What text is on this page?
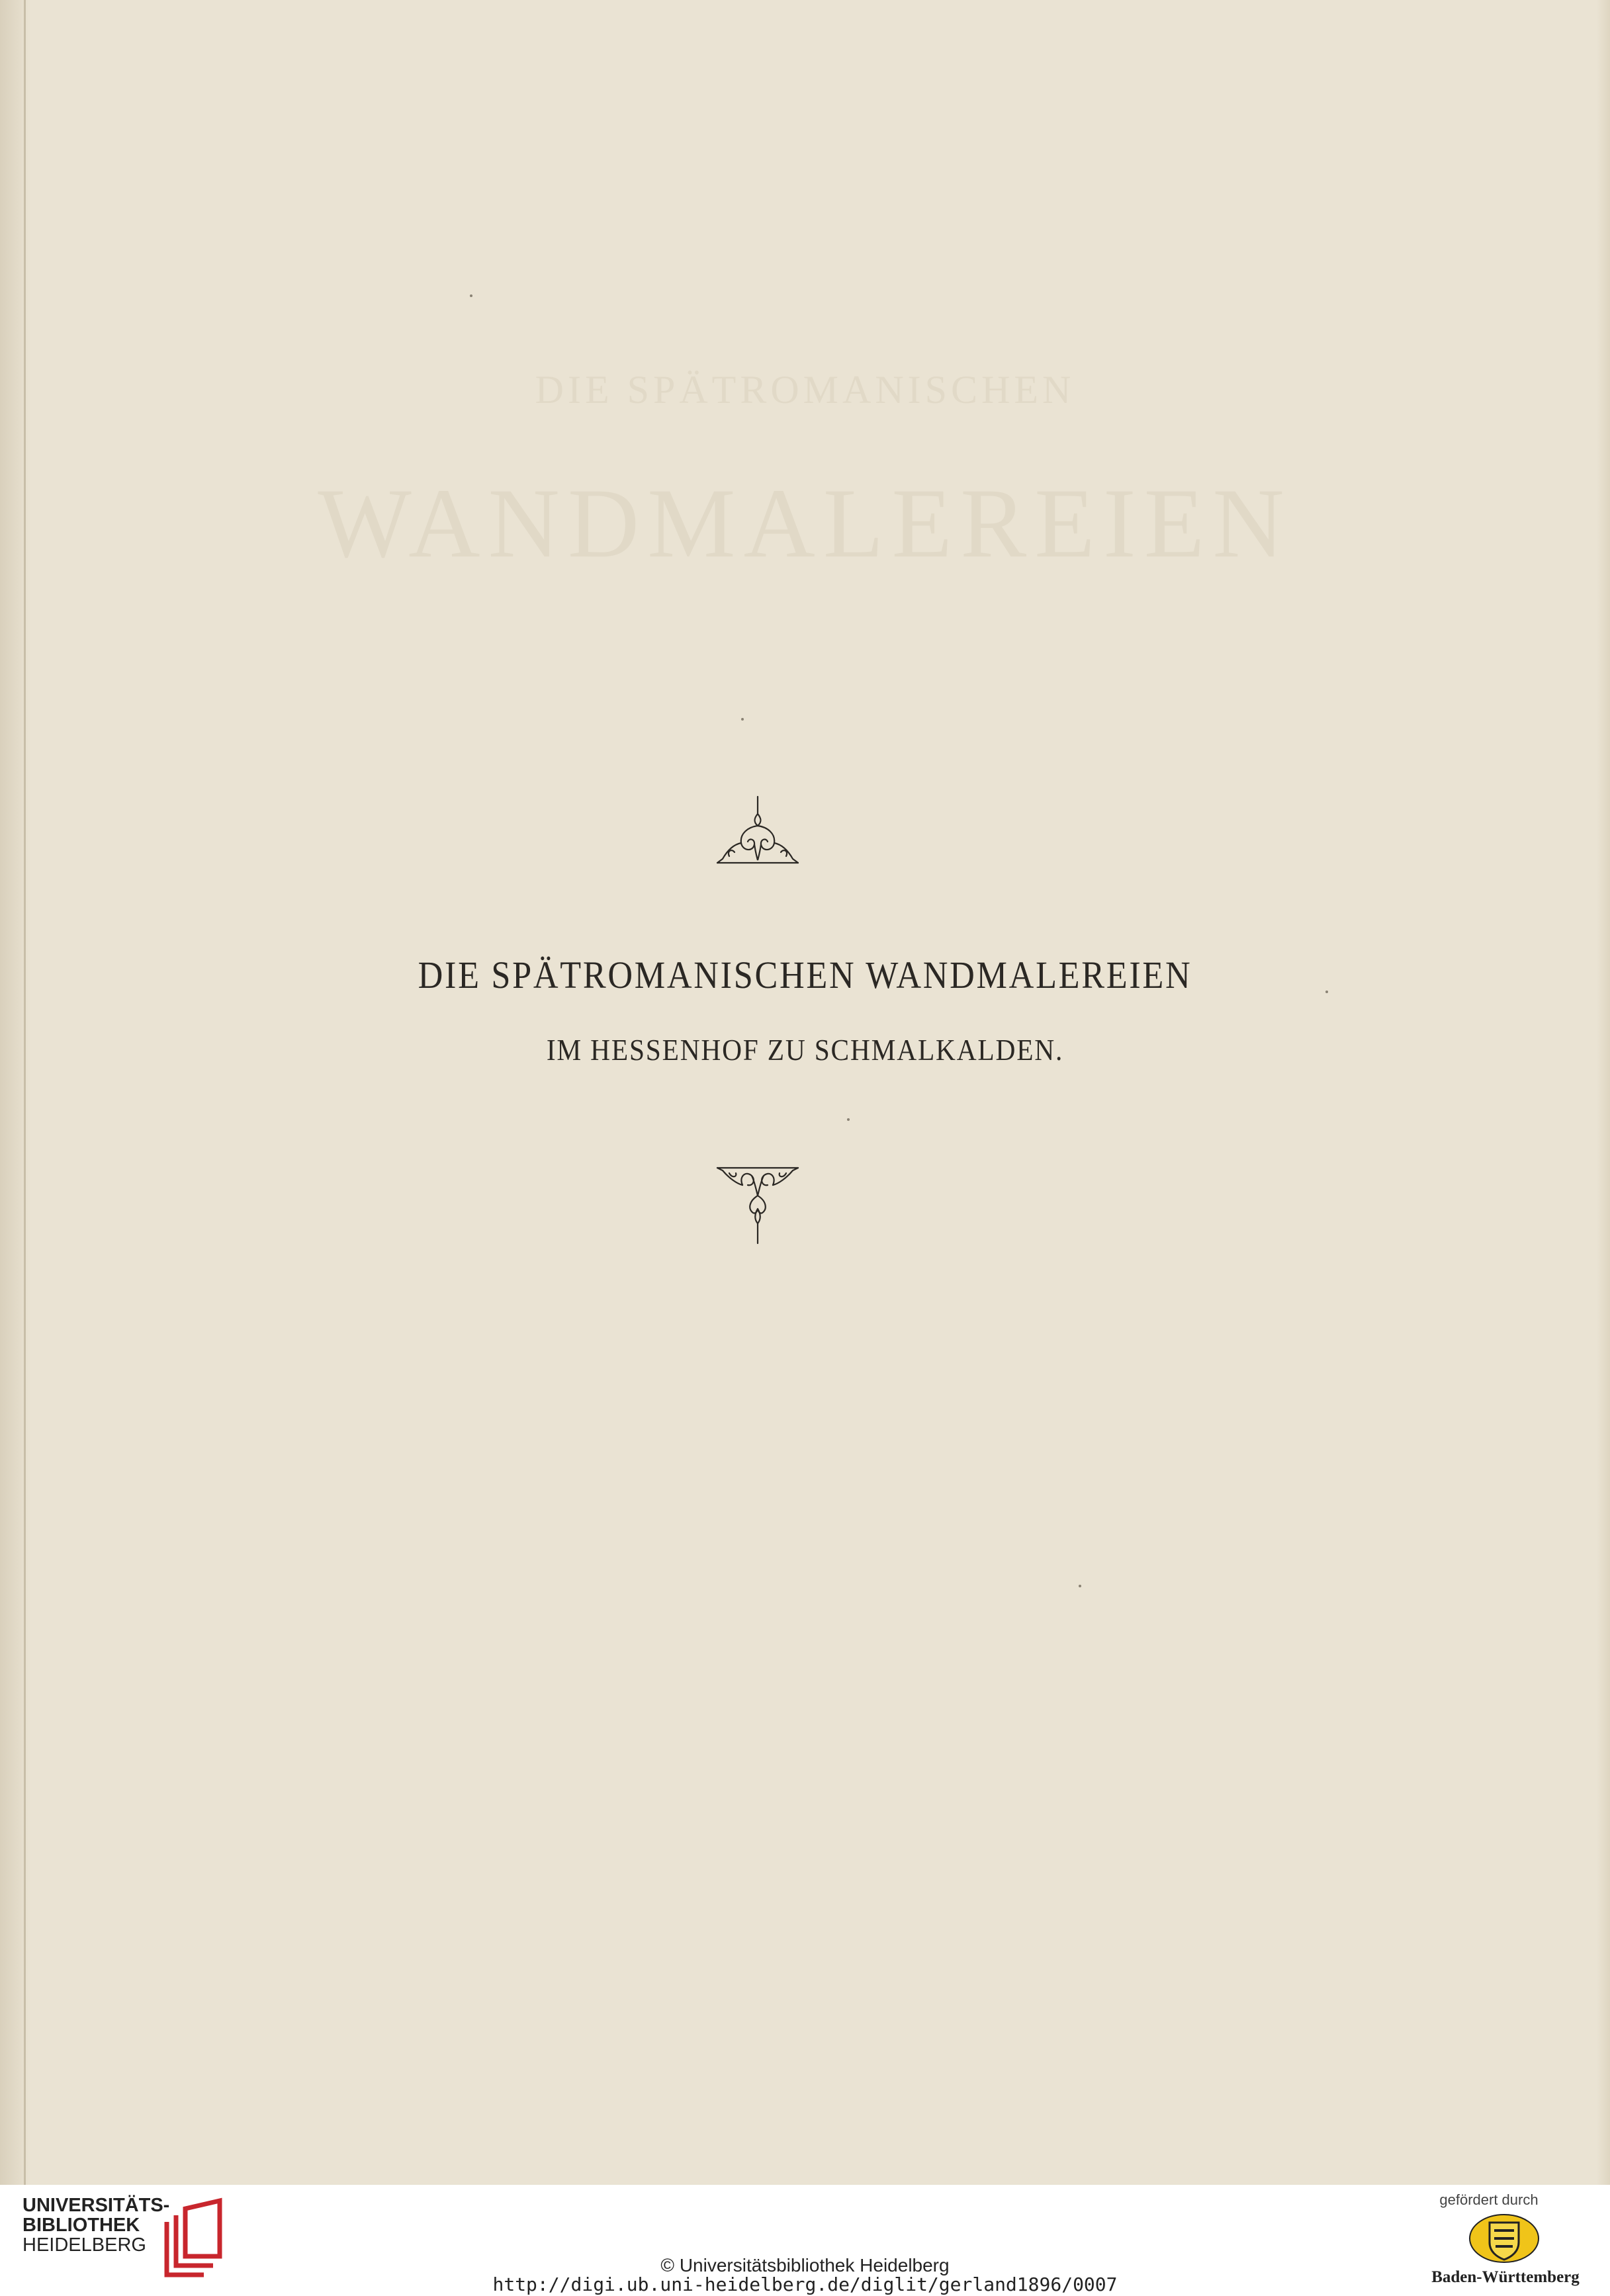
DIE SPÄTROMANISCHEN
WANDMALEREIEN
DIE SPÄTROMANISCHEN WANDMALEREIEN
IM HESSENHOF ZU SCHMALKALDEN.
UNIVERSITÄTS-
BIBLIOTHEK
HEIDELBERG
© Universitätsbibliothek Heidelberg
http://digi.ub.uni-heidelberg.de/diglit/gerland1896/0007
gefördert durch
Baden-Württemberg
